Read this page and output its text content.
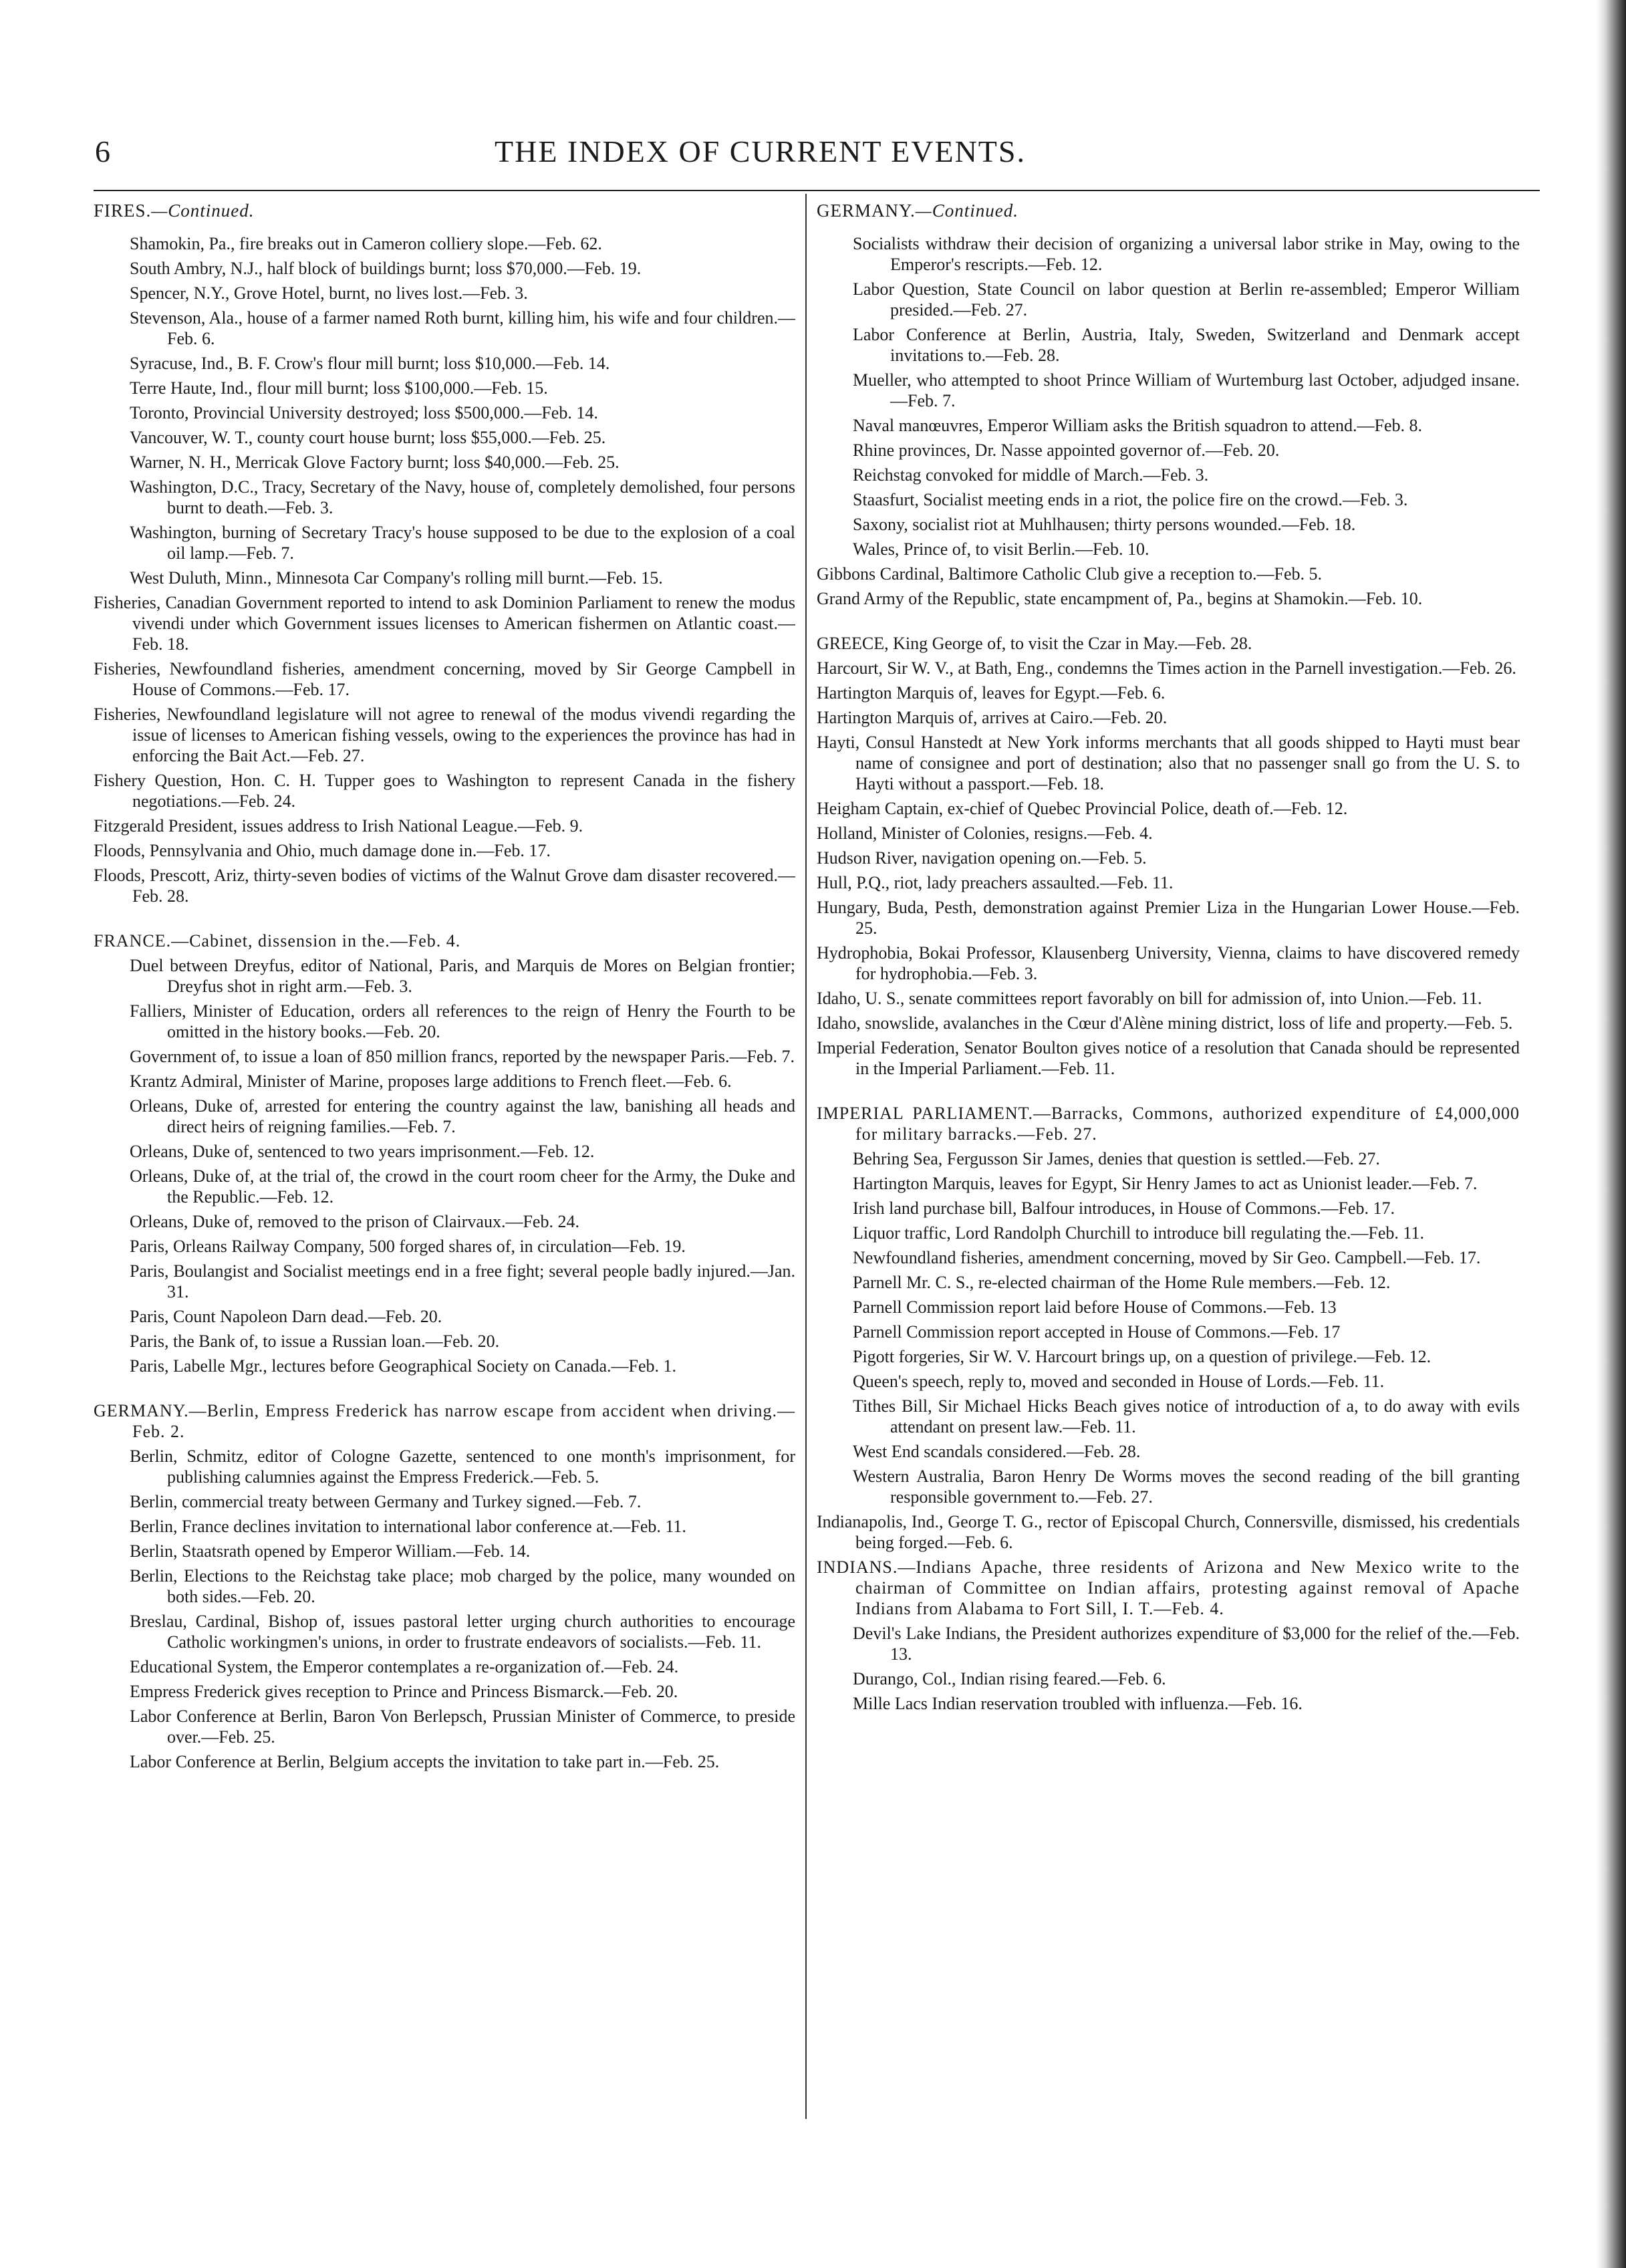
6	THE INDEX OF CURRENT EVENTS.
FIRES.—Continued.

Shamokin, Pa., fire breaks out in Cameron colliery slope.—Feb. 62.

South Ambry, N.J., half block of buildings burnt; loss $70,000.—Feb. 19.

Spencer, N.Y., Grove Hotel, burnt, no lives lost.—Feb. 3.

Stevenson, Ala., house of a farmer named Roth burnt, killing him, his wife and four children.—Feb. 6.

Syracuse, Ind., B. F. Crow's flour mill burnt; loss $10,000.—Feb. 14.

Terre Haute, Ind., flour mill burnt; loss $100,000.—Feb. 15.

Toronto, Provincial University destroyed; loss $500,000.—Feb. 14.

Vancouver, W. T., county court house burnt; loss $55,000.—Feb. 25.

Warner, N. H., Merricak Glove Factory burnt; loss $40,000.—Feb. 25.

Washington, D.C., Tracy, Secretary of the Navy, house of, completely demolished, four persons burnt to death.—Feb. 3.

Washington, burning of Secretary Tracy's house supposed to be due to the explosion of a coal oil lamp.—Feb. 7.

West Duluth, Minn., Minnesota Car Company's rolling mill burnt.—Feb. 15.

Fisheries, Canadian Government reported to intend to ask Dominion Parliament to renew the modus vivendi under which Government issues licenses to American fishermen on Atlantic coast.—Feb. 18.

Fisheries, Newfoundland fisheries, amendment concerning, moved by Sir George Campbell in House of Commons.—Feb. 17.

Fisheries, Newfoundland legislature will not agree to renewal of the modus vivendi regarding the issue of licenses to American fishing vessels, owing to the experiences the province has had in enforcing the Bait Act.—Feb. 27.

Fishery Question, Hon. C. H. Tupper goes to Washington to represent Canada in the fishery negotiations.—Feb. 24.

Fitzgerald President, issues address to Irish National League.—Feb. 9.

Floods, Pennsylvania and Ohio, much damage done in.—Feb. 17.

Floods, Prescott, Ariz, thirty-seven bodies of victims of the Walnut Grove dam disaster recovered.—Feb. 28.

FRANCE.—Cabinet, dissension in the.—Feb. 4.

Duel between Dreyfus, editor of National, Paris, and Marquis de Mores on Belgian frontier; Dreyfus shot in right arm.—Feb. 3.

Falliers, Minister of Education, orders all references to the reign of Henry the Fourth to be omitted in the history books.—Feb. 20.

Government of, to issue a loan of 850 million francs, reported by the newspaper Paris.—Feb. 7.

Krantz Admiral, Minister of Marine, proposes large additions to French fleet.—Feb. 6.

Orleans, Duke of, arrested for entering the country against the law, banishing all heads and direct heirs of reigning families.—Feb. 7.

Orleans, Duke of, sentenced to two years imprisonment.—Feb. 12.

Orleans, Duke of, at the trial of, the crowd in the court room cheer for the Army, the Duke and the Republic.—Feb. 12.

Orleans, Duke of, removed to the prison of Clairvaux.—Feb. 24.

Paris, Orleans Railway Company, 500 forged shares of, in circulation—Feb. 19.

Paris, Boulangist and Socialist meetings end in a free fight; several people badly injured.—Jan. 31.

Paris, Count Napoleon Darn dead.—Feb. 20.

Paris, the Bank of, to issue a Russian loan.—Feb. 20.

Paris, Labelle Mgr., lectures before Geographical Society on Canada.—Feb. 1.

GERMANY.—Berlin, Empress Frederick has narrow escape from accident when driving.—Feb. 2.

Berlin, Schmitz, editor of Cologne Gazette, sentenced to one month's imprisonment, for publishing calumnies against the Empress Frederick.—Feb. 5.

Berlin, commercial treaty between Germany and Turkey signed.—Feb. 7.

Berlin, France declines invitation to international labor conference at.—Feb. 11.

Berlin, Staatsrath opened by Emperor William.—Feb. 14.

Berlin, Elections to the Reichstag take place; mob charged by the police, many wounded on both sides.—Feb. 20.

Breslau, Cardinal, Bishop of, issues pastoral letter urging church authorities to encourage Catholic workingmen's unions, in order to frustrate endeavors of socialists.—Feb. 11.

Educational System, the Emperor contemplates a re-organization of.—Feb. 24.

Empress Frederick gives reception to Prince and Princess Bismarck.—Feb. 20.

Labor Conference at Berlin, Baron Von Berlepsch, Prussian Minister of Commerce, to preside over.—Feb. 25.

Labor Conference at Berlin, Belgium accepts the invitation to take part in.—Feb. 25.

GERMANY.—Continued.

Socialists withdraw their decision of organizing a universal labor strike in May, owing to the Emperor's rescripts.—Feb. 12.

Labor Question, State Council on labor question at Berlin re-assembled; Emperor William presided.—Feb. 27.

Labor Conference at Berlin, Austria, Italy, Sweden, Switzerland and Denmark accept invitations to.—Feb. 28.

Mueller, who attempted to shoot Prince William of Wurtemburg last October, adjudged insane.—Feb. 7.

Naval manœuvres, Emperor William asks the British squadron to attend.—Feb. 8.

Rhine provinces, Dr. Nasse appointed governor of.—Feb. 20.

Reichstag convoked for middle of March.—Feb. 3.

Staasfurt, Socialist meeting ends in a riot, the police fire on the crowd.—Feb. 3.

Saxony, socialist riot at Muhlhausen; thirty persons wounded.—Feb. 18.

Wales, Prince of, to visit Berlin.—Feb. 10.

Gibbons Cardinal, Baltimore Catholic Club give a reception to.—Feb. 5.

Grand Army of the Republic, state encampment of, Pa., begins at Shamokin.—Feb. 10.

GREECE, King George of, to visit the Czar in May.—Feb. 28.

Harcourt, Sir W. V., at Bath, Eng., condemns the Times action in the Parnell investigation.—Feb. 26.

Hartington Marquis of, leaves for Egypt.—Feb. 6.

Hartington Marquis of, arrives at Cairo.—Feb. 20.

Hayti, Consul Hanstedt at New York informs merchants that all goods shipped to Hayti must bear name of consignee and port of destination; also that no passenger snall go from the U. S. to Hayti without a passport.—Feb. 18.

Heigham Captain, ex-chief of Quebec Provincial Police, death of.—Feb. 12.

Holland, Minister of Colonies, resigns.—Feb. 4.

Hudson River, navigation opening on.—Feb. 5.

Hull, P.Q., riot, lady preachers assaulted.—Feb. 11.

Hungary, Buda, Pesth, demonstration against Premier Liza in the Hungarian Lower House.—Feb. 25.

Hydrophobia, Bokai Professor, Klausenberg University, Vienna, claims to have discovered remedy for hydrophobia.—Feb. 3.

Idaho, U. S., senate committees report favorably on bill for admission of, into Union.—Feb. 11.

Idaho, snowslide, avalanches in the Cœur d'Alène mining district, loss of life and property.—Feb. 5.

Imperial Federation, Senator Boulton gives notice of a resolution that Canada should be represented in the Imperial Parliament.—Feb. 11.

IMPERIAL PARLIAMENT.—Barracks, Commons, authorized expenditure of £4,000,000 for military barracks.—Feb. 27.

Behring Sea, Fergusson Sir James, denies that question is settled.—Feb. 27.

Hartington Marquis, leaves for Egypt, Sir Henry James to act as Unionist leader.—Feb. 7.

Irish land purchase bill, Balfour introduces, in House of Commons.—Feb. 17.

Liquor traffic, Lord Randolph Churchill to introduce bill regulating the.—Feb. 11.

Newfoundland fisheries, amendment concerning, moved by Sir Geo. Campbell.—Feb. 17.

Parnell Mr. C. S., re-elected chairman of the Home Rule members.—Feb. 12.

Parnell Commission report laid before House of Commons.—Feb. 13

Parnell Commission report accepted in House of Commons.—Feb. 17

Pigott forgeries, Sir W. V. Harcourt brings up, on a question of privilege.—Feb. 12.

Queen's speech, reply to, moved and seconded in House of Lords.—Feb. 11.

Tithes Bill, Sir Michael Hicks Beach gives notice of introduction of a, to do away with evils attendant on present law.—Feb. 11.

West End scandals considered.—Feb. 28.

Western Australia, Baron Henry De Worms moves the second reading of the bill granting responsible government to.—Feb. 27.

Indianapolis, Ind., George T. G., rector of Episcopal Church, Connersville, dismissed, his credentials being forged.—Feb. 6.

INDIANS.—Indians Apache, three residents of Arizona and New Mexico write to the chairman of Committee on Indian affairs, protesting against removal of Apache Indians from Alabama to Fort Sill, I. T.—Feb. 4.

Devil's Lake Indians, the President authorizes expenditure of $3,000 for the relief of the.—Feb. 13.

Durango, Col., Indian rising feared.—Feb. 6.

Mille Lacs Indian reservation troubled with influenza.—Feb. 16.
